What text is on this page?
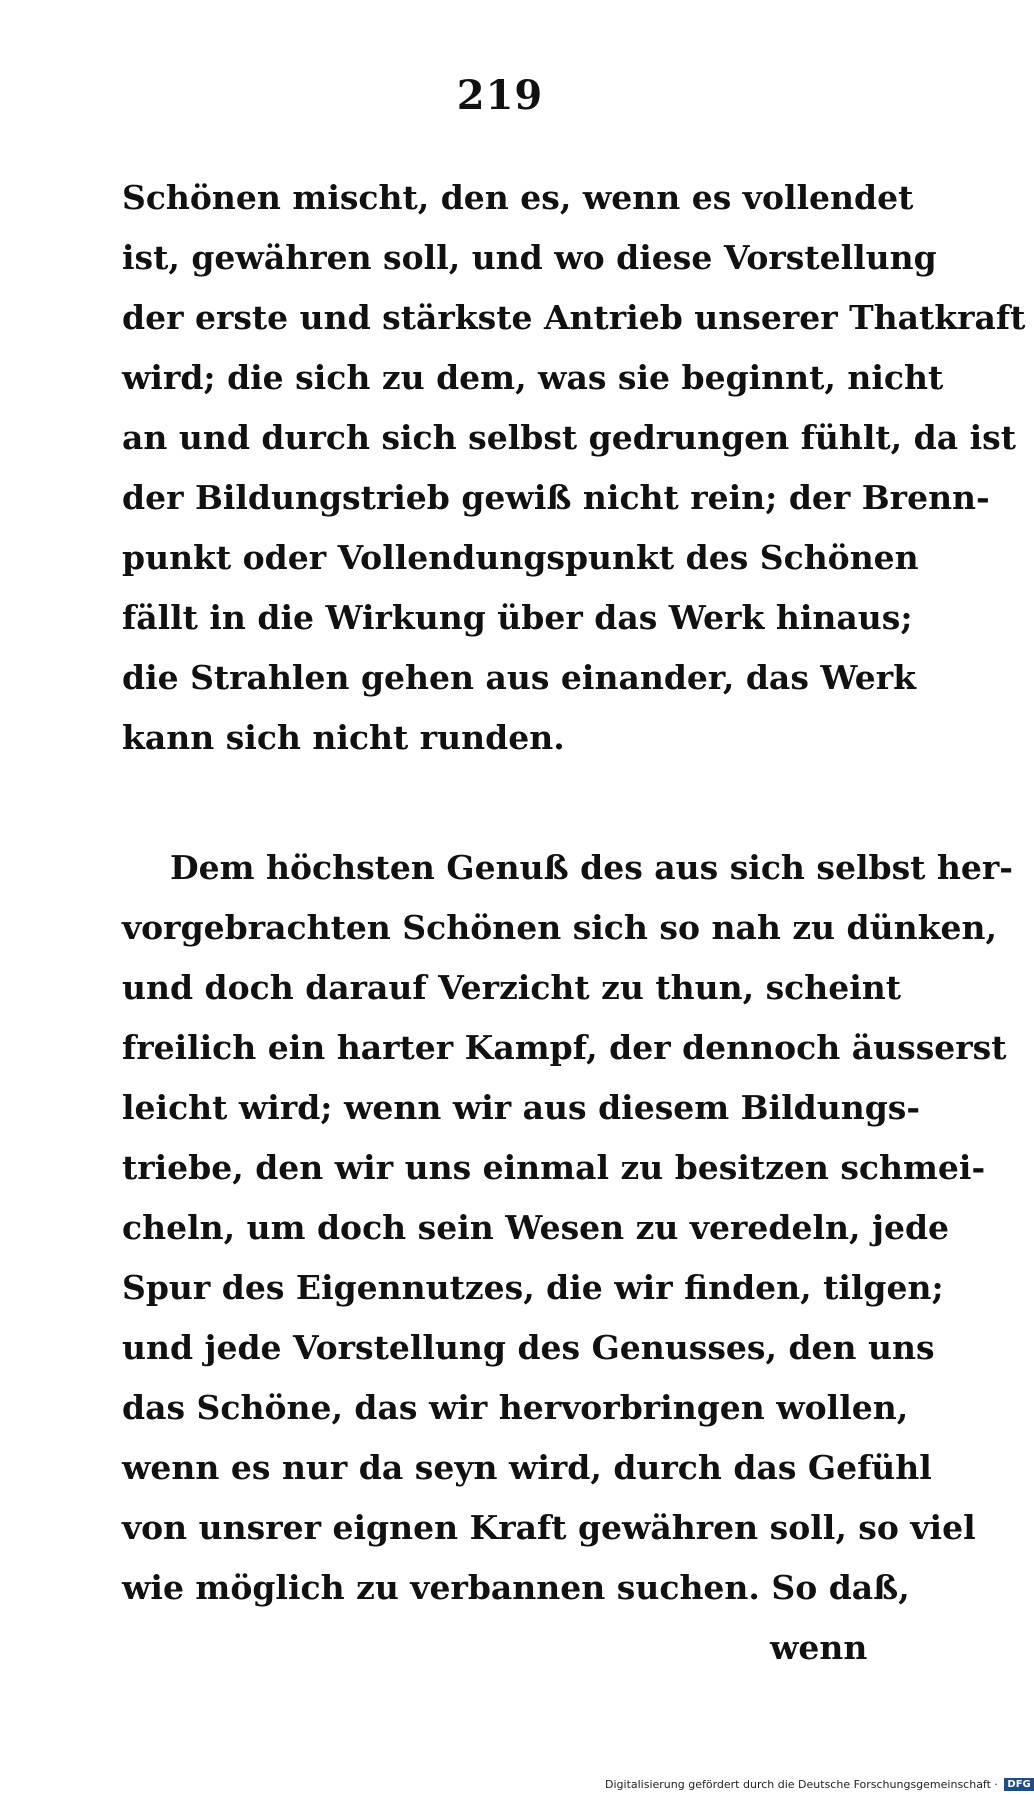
219
Schönen mischt, den es, wenn es vollendet
ist, gewähren soll, und wo diese Vorstellung
der erste und stärkste Antrieb unserer Thatkraft
wird; die sich zu dem, was sie beginnt, nicht
an und durch sich selbst gedrungen fühlt, da ist
der Bildungstrieb gewiß nicht rein; der Brenn-
punkt oder Vollendungspunkt des Schönen
fällt in die Wirkung über das Werk hinaus;
die Strahlen gehen aus einander, das Werk
kann sich nicht runden.
Dem höchsten Genuß des aus sich selbst her-
vorgebrachten Schönen sich so nah zu dünken,
und doch darauf Verzicht zu thun, scheint
freilich ein harter Kampf, der dennoch äusserst
leicht wird; wenn wir aus diesem Bildungs-
triebe, den wir uns einmal zu besitzen schmei-
cheln, um doch sein Wesen zu veredeln, jede
Spur des Eigennutzes, die wir finden, tilgen;
und jede Vorstellung des Genusses, den uns
das Schöne, das wir hervorbringen wollen,
wenn es nur da seyn wird, durch das Gefühl
von unsrer eignen Kraft gewähren soll, so viel
wie möglich zu verbannen suchen. So daß,
wenn
Digitalisierung gefördert durch die Deutsche Forschungsgemeinschaft · DFG
